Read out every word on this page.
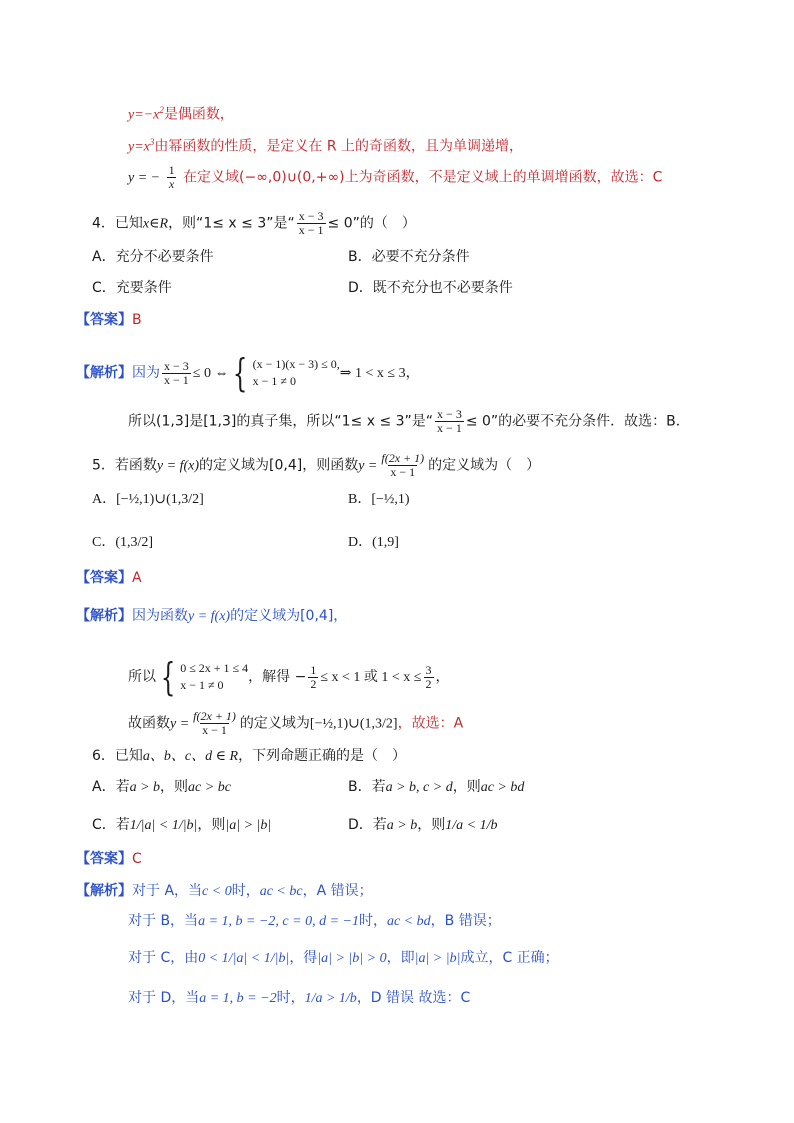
$y=-x^2$是偶函数，
$y=x^3$由幂函数的性质，是定义在 R 上的奇函数，且为单调递增，
y = − $\frac{1}{x}$ 在定义域(−∞,0)∪(0,+∞)上为奇函数，不是定义域上的单调增函数，故选：C
4．已知x∈R，则“1≤ x ≤ 3”是“ $\frac{x - 3}{x - 1} \le 0$”的（　）
A．充分不必要条件	B．必要不充分条件
C．充要条件	D．既不充分也不必要条件
【答案】B
【解析】因为 $\frac{x - 3}{x - 1} \le 0$ ⇔ { (x − 1)(x − 3) ≤ 0,
x − 1 ≠ 0	⇒ 1 < x ≤ 3，
所以(1,3]是[1,3]的真子集，所以“1≤ x ≤ 3”是“ $\frac{x - 3}{x - 1} \le 0$”的必要不充分条件．故选：B．
5．若函数y = f(x)的定义域为[0,4]，则函数$y = \frac{f(2x + 1)}{x - 1}$ 的定义域为（　）
A．[−½,1)∪(1,3/2]	B．[−½,1)
C．(1,3/2]	D．(1,9]
【答案】A
【解析】因为函数y = f(x)的定义域为[0,4]，
所以 { 0 ≤ 2x + 1 ≤ 4
x − 1 ≠ 0	，解得 − $\frac{1}{2} \le x < 1$ 或 $1 < x \le \frac{3}{2}$ ，
故函数$y = \frac{f(2x + 1)}{x - 1}$ 的定义域为[−½,1)∪(1,3/2]，故选：A
6．已知a、b、c、d ∈ R，下列命题正确的是（　）
A．若a > b，则ac > bc	B．若a > b, c > d，则ac > bd
C．若1/|a| < 1/|b|，则|a| > |b|	D．若a > b，则1/a < 1/b
【答案】C
【解析】对于 A，当c < 0时，ac < bc，A 错误；
对于 B，当a = 1, b = −2, c = 0, d = −1时，ac < bd，B 错误；
对于 C，由0 < 1/|a| < 1/|b|，得|a| > |b| > 0，即|a| > |b|成立，C 正确；
对于 D，当a = 1, b = −2时，1/a > 1/b，D 错误 故选：C
